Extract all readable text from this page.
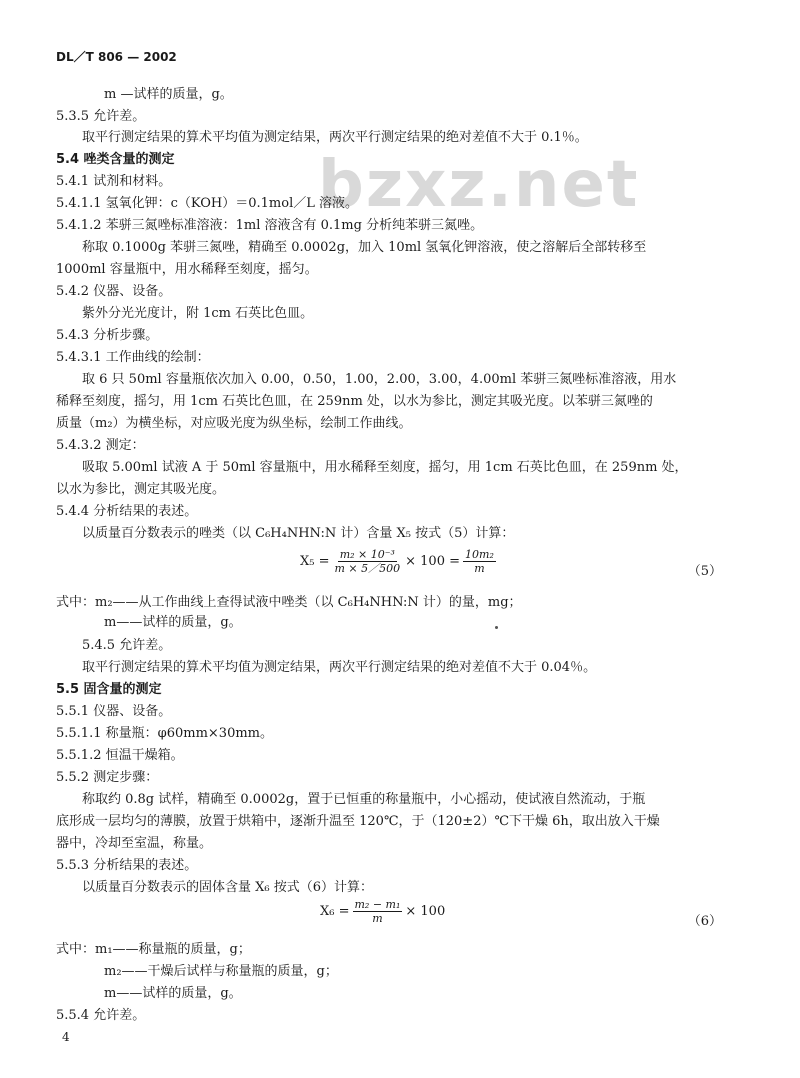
DL／T 806 — 2002
bzxz.net
m —试样的质量，g。
5.3.5 允许差。
取平行测定结果的算术平均值为测定结果，两次平行测定结果的绝对差值不大于 0.1％。
5.4 唑类含量的测定
5.4.1 试剂和材料。
5.4.1.1 氢氧化钾：c（KOH）＝0.1mol／L 溶液。
5.4.1.2 苯骈三氮唑标准溶液：1ml 溶液含有 0.1mg 分析纯苯骈三氮唑。
称取 0.1000g 苯骈三氮唑，精确至 0.0002g，加入 10ml 氢氧化钾溶液，使之溶解后全部转移至
1000ml 容量瓶中，用水稀释至刻度，摇匀。
5.4.2 仪器、设备。
紫外分光光度计，附 1cm 石英比色皿。
5.4.3 分析步骤。
5.4.3.1 工作曲线的绘制：
取 6 只 50ml 容量瓶依次加入 0.00，0.50，1.00，2.00，3.00，4.00ml 苯骈三氮唑标准溶液，用水
稀释至刻度，摇匀，用 1cm 石英比色皿，在 259nm 处，以水为参比，测定其吸光度。以苯骈三氮唑的
质量（m₂）为横坐标，对应吸光度为纵坐标，绘制工作曲线。
5.4.3.2 测定：
吸取 5.00ml 试液 A 于 50ml 容量瓶中，用水稀释至刻度，摇匀，用 1cm 石英比色皿，在 259nm 处，
以水为参比，测定其吸光度。
5.4.4 分析结果的表述。
以质量百分数表示的唑类（以 C₆H₄NHN:N 计）含量 X₅ 按式（5）计算：
$X_5 = \frac{\text{m₂ × 10⁻³}}{m \times 5/500} \times 100 = \frac{\text{10m₂}}{m}$	（5）
式中：m₂——从工作曲线上查得试液中唑类（以 C₆H₄NHN:N 计）的量，mg；
m——试样的质量，g。
5.4.5 允许差。
取平行测定结果的算术平均值为测定结果，两次平行测定结果的绝对差值不大于 0.04％。
5.5 固含量的测定
5.5.1 仪器、设备。
5.5.1.1 称量瓶：φ60mm×30mm。
5.5.1.2 恒温干燥箱。
5.5.2 测定步骤：
称取约 0.8g 试样，精确至 0.0002g，置于已恒重的称量瓶中，小心摇动，使试液自然流动，于瓶
底形成一层均匀的薄膜，放置于烘箱中，逐渐升温至 120℃，于（120±2）℃下干燥 6h，取出放入干燥
器中，冷却至室温，称量。
5.5.3 分析结果的表述。
以质量百分数表示的固体含量 X₆ 按式（6）计算：
$X_6 = \frac{\text{m₂ − m₁}}{m} \times 100$
（6）
式中：m₁——称量瓶的质量，g；
m₂——干燥后试样与称量瓶的质量，g；
m——试样的质量，g。
5.5.4 允许差。
4
